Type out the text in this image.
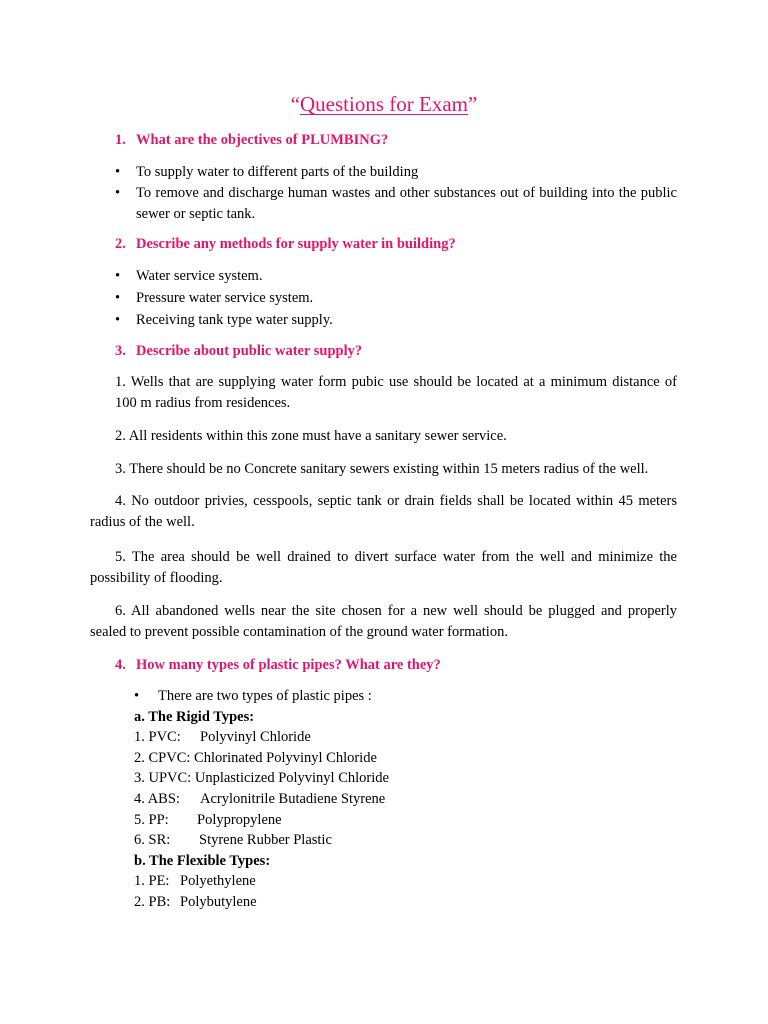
“Questions for Exam”
1. What are the objectives of PLUMBING?
•	To supply water to different parts of the building
•	To remove and discharge human wastes and other substances out of building into the public sewer or septic tank.
2. Describe any methods for supply water in building?
•	Water service system.
•	Pressure water service system.
•	Receiving tank type water supply.
3. Describe about public water supply?
1. Wells that are supplying water form pubic use should be located at a minimum distance of 100 m radius from residences.
2. All residents within this zone must have a sanitary sewer service.
3. There should be no Concrete sanitary sewers existing within 15 meters radius of the well.
4. No outdoor privies, cesspools, septic tank or drain fields shall be located within 45 meters radius of the well.
5. The area should be well drained to divert surface water from the well and minimize the possibility of flooding.
6. All abandoned wells near the site chosen for a new well should be plugged and properly sealed to prevent possible contamination of the ground water formation.
4. How many types of plastic pipes? What are they?
• There are two types of plastic pipes :
a. The Rigid Types:
1. PVC: Polyvinyl Chloride
2. CPVC: Chlorinated Polyvinyl Chloride
3. UPVC: Unplasticized Polyvinyl Chloride
4. ABS: Acrylonitrile Butadiene Styrene
5. PP: Polypropylene
6. SR: Styrene Rubber Plastic
b. The Flexible Types:
1. PE: Polyethylene
2. PB: Polybutylene
